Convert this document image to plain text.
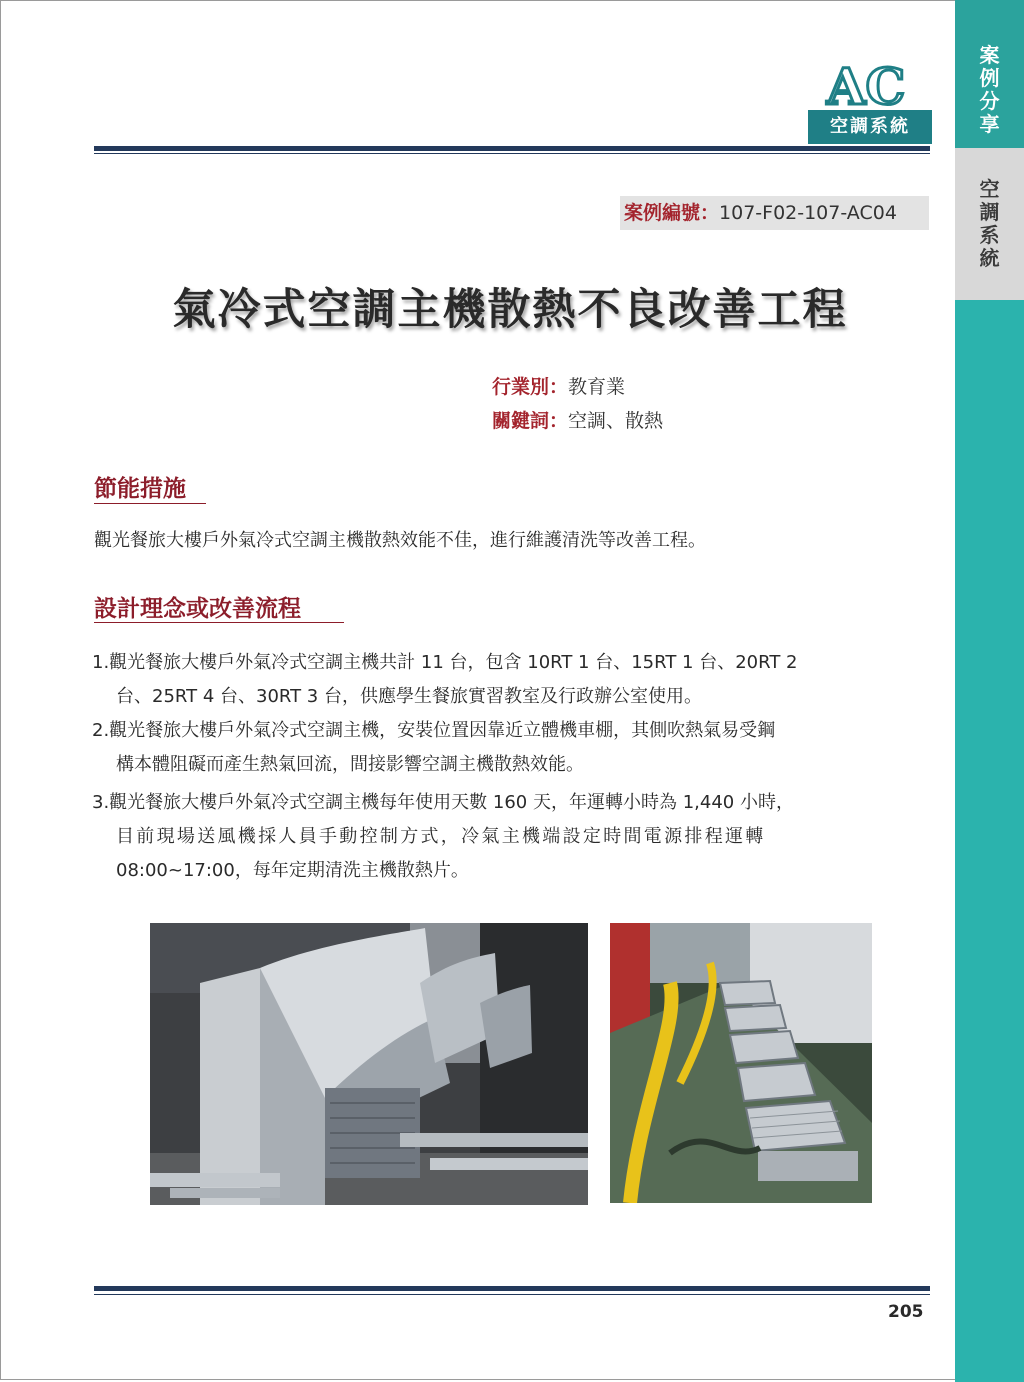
案
例
分
享
空
調
系
統
AC
空調系統
案例編號：107-F02-107-AC04
氣冷式空調主機散熱不良改善工程
行業別：教育業
關鍵詞：空調、散熱
節能措施
觀光餐旅大樓戶外氣冷式空調主機散熱效能不佳，進行維護清洗等改善工程。
設計理念或改善流程
1.觀光餐旅大樓戶外氣冷式空調主機共計 11 台，包含 10RT 1 台、15RT 1 台、20RT 2
台、25RT 4 台、30RT 3 台，供應學生餐旅實習教室及行政辦公室使用。
2.觀光餐旅大樓戶外氣冷式空調主機，安裝位置因靠近立體機車棚，其側吹熱氣易受鋼
構本體阻礙而產生熱氣回流，間接影響空調主機散熱效能。
3.觀光餐旅大樓戶外氣冷式空調主機每年使用天數 160 天，年運轉小時為 1,440 小時，
目前現場送風機採人員手動控制方式，冷氣主機端設定時間電源排程運轉
08:00~17:00，每年定期清洗主機散熱片。
205
